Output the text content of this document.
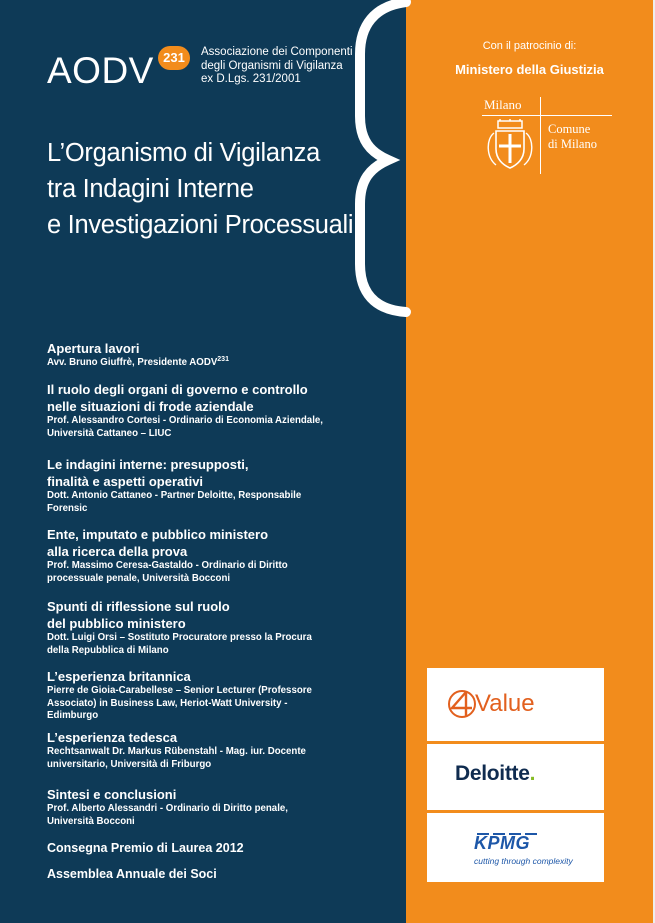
AODV 231	Associazione dei Componenti
degli Organismi di Vigilanza
ex D.Lgs. 231/2001
L’Organismo di Vigilanza
tra Indagini Interne
e Investigazioni Processuali
Con il patrocinio di:
Ministero della Giustizia
Milano
Comune
di Milano
Apertura lavori
Avv. Bruno Giuffrè, Presidente AODV$^{231}$
Il ruolo degli organi di governo e controllo
nelle situazioni di frode aziendale
Prof. Alessandro Cortesi - Ordinario di Economia Aziendale,
Università Cattaneo – LIUC
Le indagini interne: presupposti,
finalità e aspetti operativi
Dott. Antonio Cattaneo - Partner Deloitte, Responsabile
Forensic
Ente, imputato e pubblico ministero
alla ricerca della prova
Prof. Massimo Ceresa-Gastaldo - Ordinario di Diritto
processuale penale, Università Bocconi
Spunti di riflessione sul ruolo
del pubblico ministero
Dott. Luigi Orsi – Sostituto Procuratore presso la Procura
della Repubblica di Milano
L’esperienza britannica
Pierre de Gioia-Carabellese – Senior Lecturer (Professore
Associato) in Business Law, Heriot-Watt University -
Edimburgo
L’esperienza tedesca
Rechtsanwalt Dr. Markus Rübenstahl - Mag. iur. Docente
universitario, Università di Friburgo
Sintesi e conclusioni
Prof. Alberto Alessandri - Ordinario di Diritto penale,
Università Bocconi
Consegna Premio di Laurea 2012
Assemblea Annuale dei Soci
Value
Deloitte.
KPMG
cutting through complexity
